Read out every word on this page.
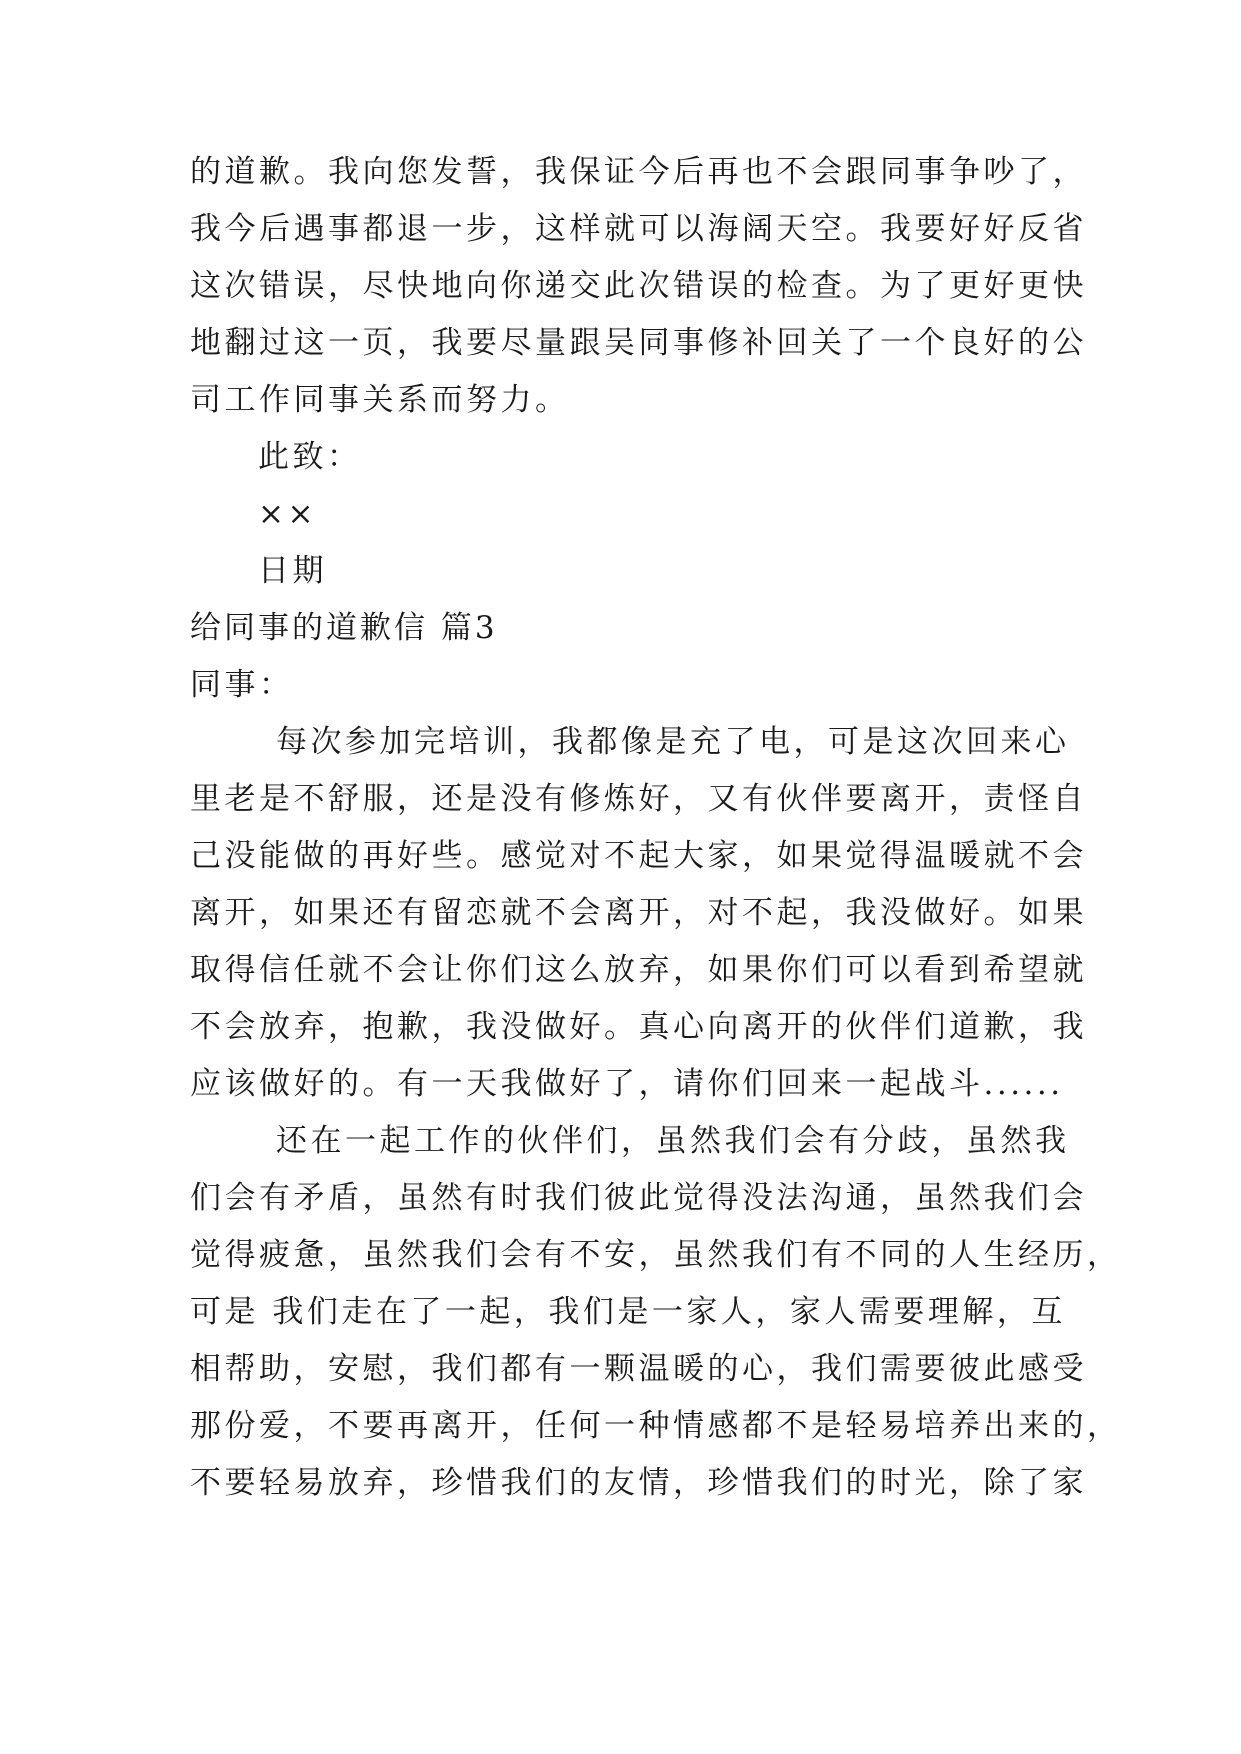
的道歉。我向您发誓，我保证今后再也不会跟同事争吵了，
我今后遇事都退一步，这样就可以海阔天空。我要好好反省
这次错误，尽快地向你递交此次错误的检查。为了更好更快
地翻过这一页，我要尽量跟吴同事修补回关了一个良好的公
司工作同事关系而努力。
此致：
××
日期
给同事的道歉信 篇3
同事：
每次参加完培训，我都像是充了电，可是这次回来心
里老是不舒服，还是没有修炼好，又有伙伴要离开，责怪自
己没能做的再好些。感觉对不起大家，如果觉得温暖就不会
离开，如果还有留恋就不会离开，对不起，我没做好。如果
取得信任就不会让你们这么放弃，如果你们可以看到希望就
不会放弃，抱歉，我没做好。真心向离开的伙伴们道歉，我
应该做好的。有一天我做好了，请你们回来一起战斗......
还在一起工作的伙伴们，虽然我们会有分歧，虽然我
们会有矛盾，虽然有时我们彼此觉得没法沟通，虽然我们会
觉得疲惫，虽然我们会有不安，虽然我们有不同的人生经历，
可是 我们走在了一起，我们是一家人，家人需要理解，互
相帮助，安慰，我们都有一颗温暖的心，我们需要彼此感受
那份爱，不要再离开，任何一种情感都不是轻易培养出来的，
不要轻易放弃，珍惜我们的友情，珍惜我们的时光，除了家
